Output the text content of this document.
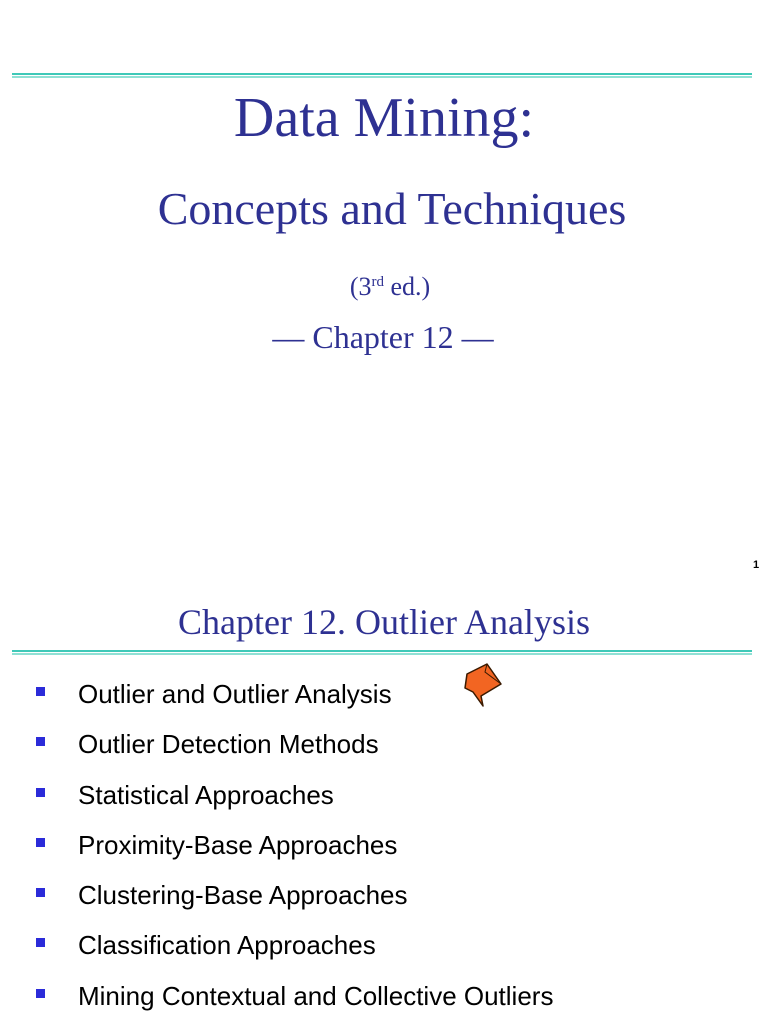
Data Mining:
Concepts and Techniques
(3rd ed.)
— Chapter 12 —
1
Chapter 12. Outlier Analysis
Outlier and Outlier Analysis
Outlier Detection Methods
Statistical Approaches
Proximity-Base Approaches
Clustering-Base Approaches
Classification Approaches
Mining Contextual and Collective Outliers
